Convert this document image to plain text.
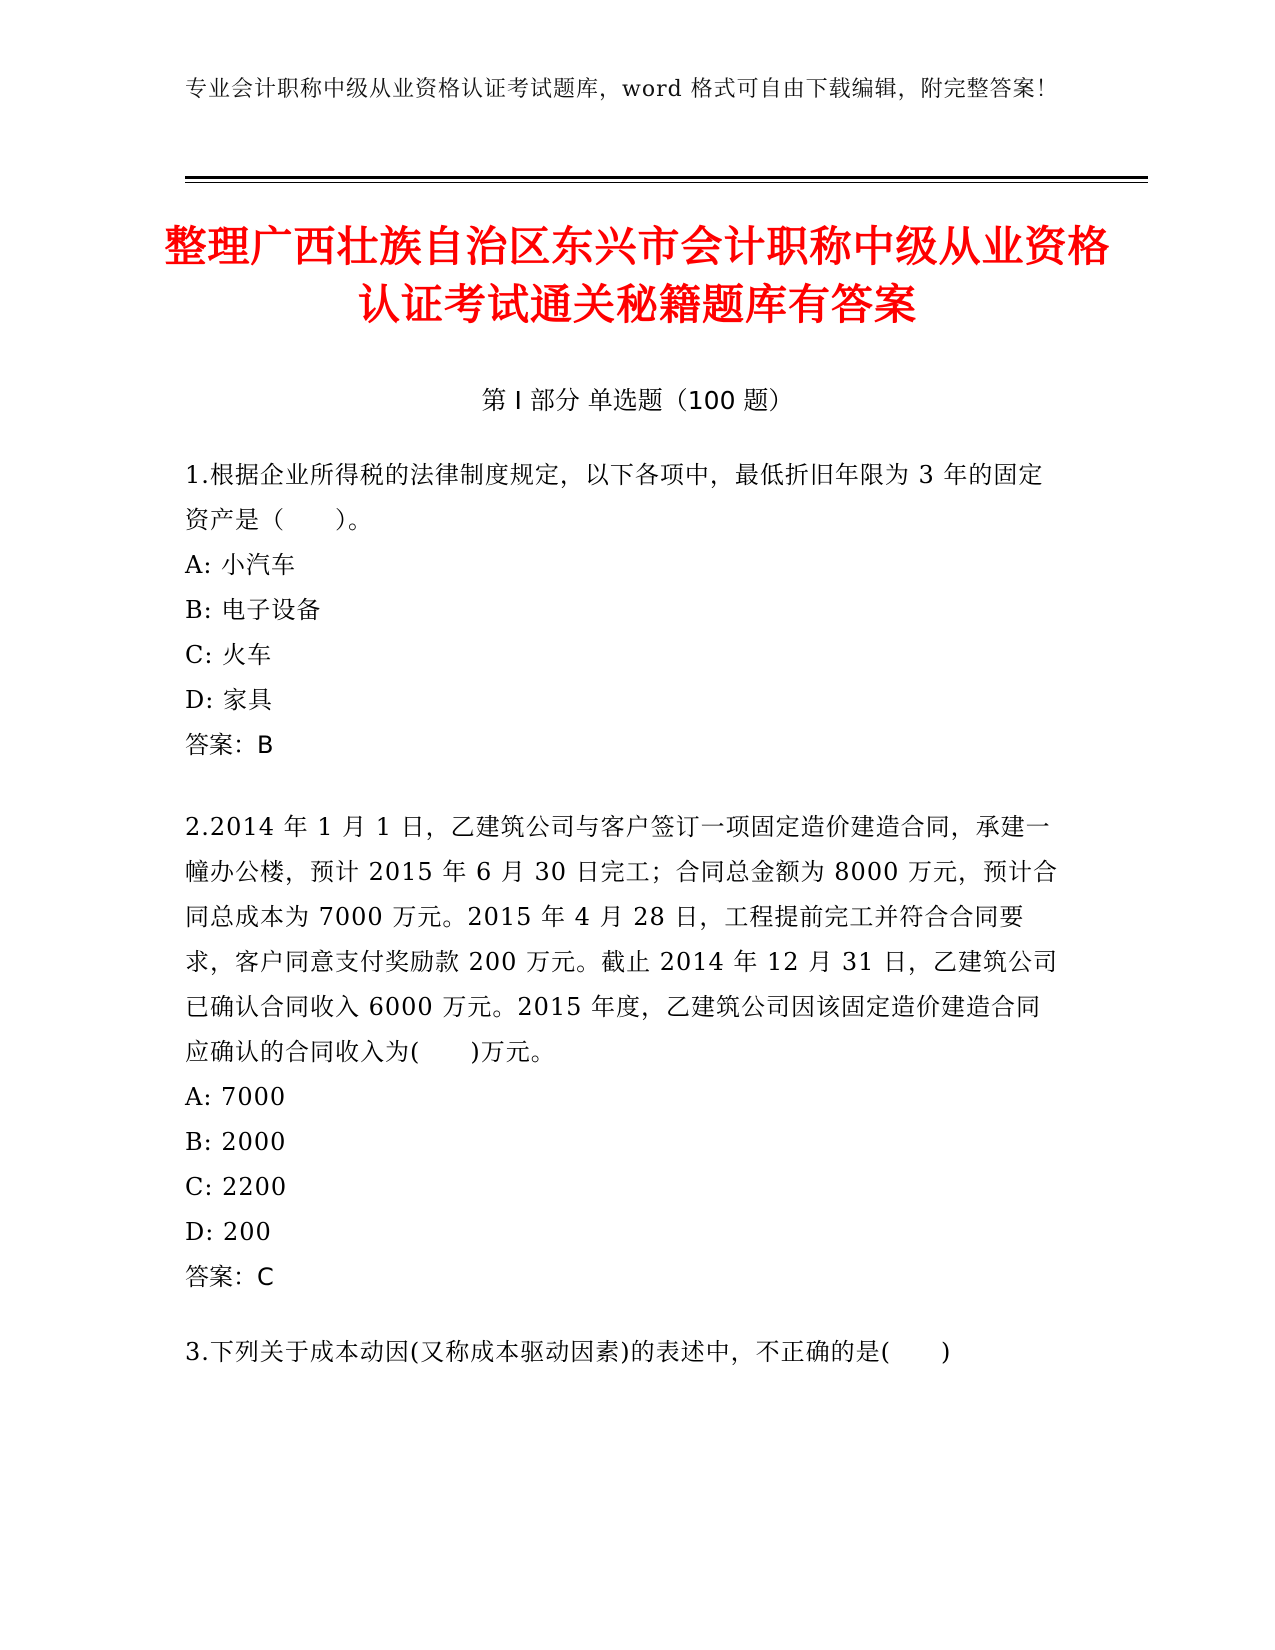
专业会计职称中级从业资格认证考试题库，word 格式可自由下载编辑，附完整答案！
整理广西壮族自治区东兴市会计职称中级从业资格认证考试通关秘籍题库有答案
第 I 部分 单选题（100 题）

1.根据企业所得税的法律制度规定，以下各项中，最低折旧年限为 3 年的固定资产是（　　）。

A: 小汽车

B: 电子设备

C: 火车

D: 家具

答案：B

2.2014 年 1 月 1 日，乙建筑公司与客户签订一项固定造价建造合同，承建一幢办公楼，预计 2015 年 6 月 30 日完工；合同总金额为 8000 万元，预计合同总成本为 7000 万元。2015 年 4 月 28 日，工程提前完工并符合合同要求，客户同意支付奖励款 200 万元。截止 2014 年 12 月 31 日，乙建筑公司已确认合同收入 6000 万元。2015 年度，乙建筑公司因该固定造价建造合同应确认的合同收入为(　　)万元。

A: 7000

B: 2000

C: 2200

D: 200

答案：C

3.下列关于成本动因(又称成本驱动因素)的表述中，不正确的是(　　)
